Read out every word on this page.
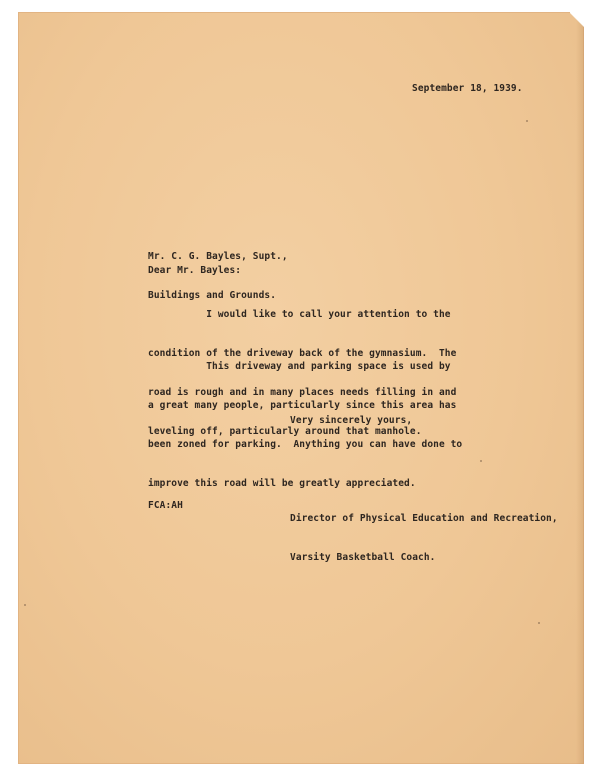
September 18, 1939.

Mr. C. G. Bayles, Supt.,

Buildings and Grounds.

Dear Mr. Bayles:

I would like to call your attention to the

condition of the driveway back of the gymnasium.  The

road is rough and in many places needs filling in and

leveling off, particularly around that manhole.

This driveway and parking space is used by

a great many people, particularly since this area has

been zoned for parking.  Anything you can have done to

improve this road will be greatly appreciated.

Very sincerely yours,

Director of Physical Education and Recreation,

Varsity Basketball Coach.

FCA:AH
